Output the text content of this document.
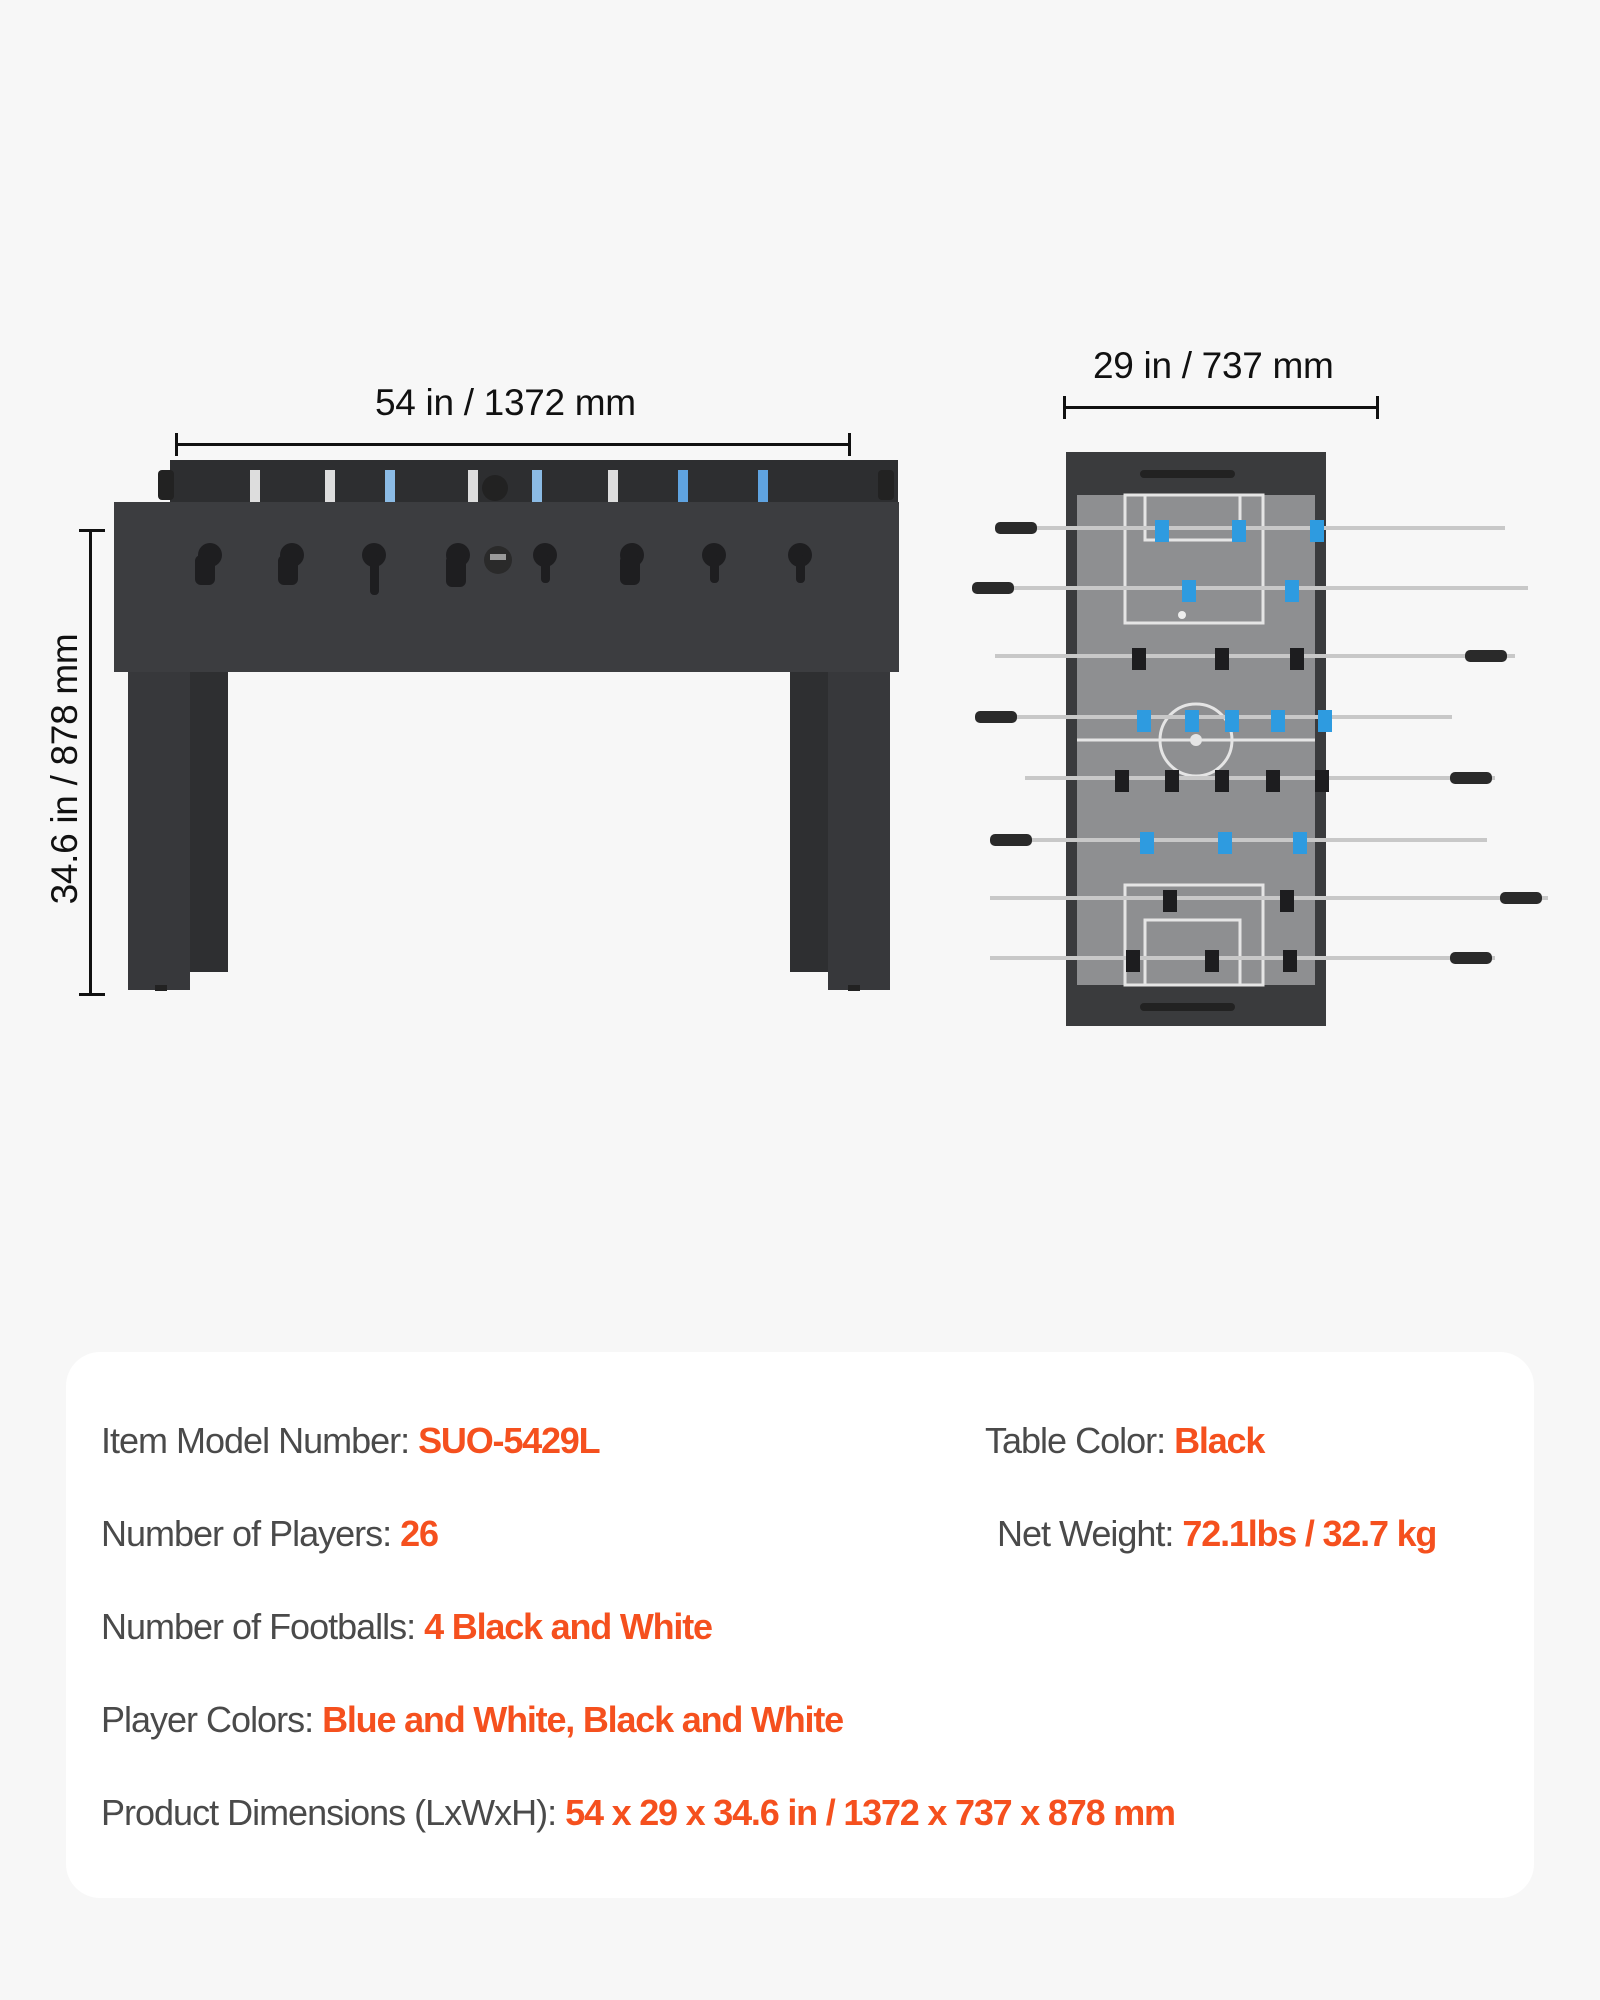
54 in / 1372 mm
34.6 in / 878 mm
29 in / 737 mm
Item Model Number: SUO-5429L	Table Color: Black
Number of Players: 26	Net Weight: 72.1lbs / 32.7 kg
Number of Footballs: 4 Black and White
Player Colors: Blue and White, Black and White
Product Dimensions (LxWxH): 54 x 29 x 34.6 in / 1372 x 737 x 878 mm
